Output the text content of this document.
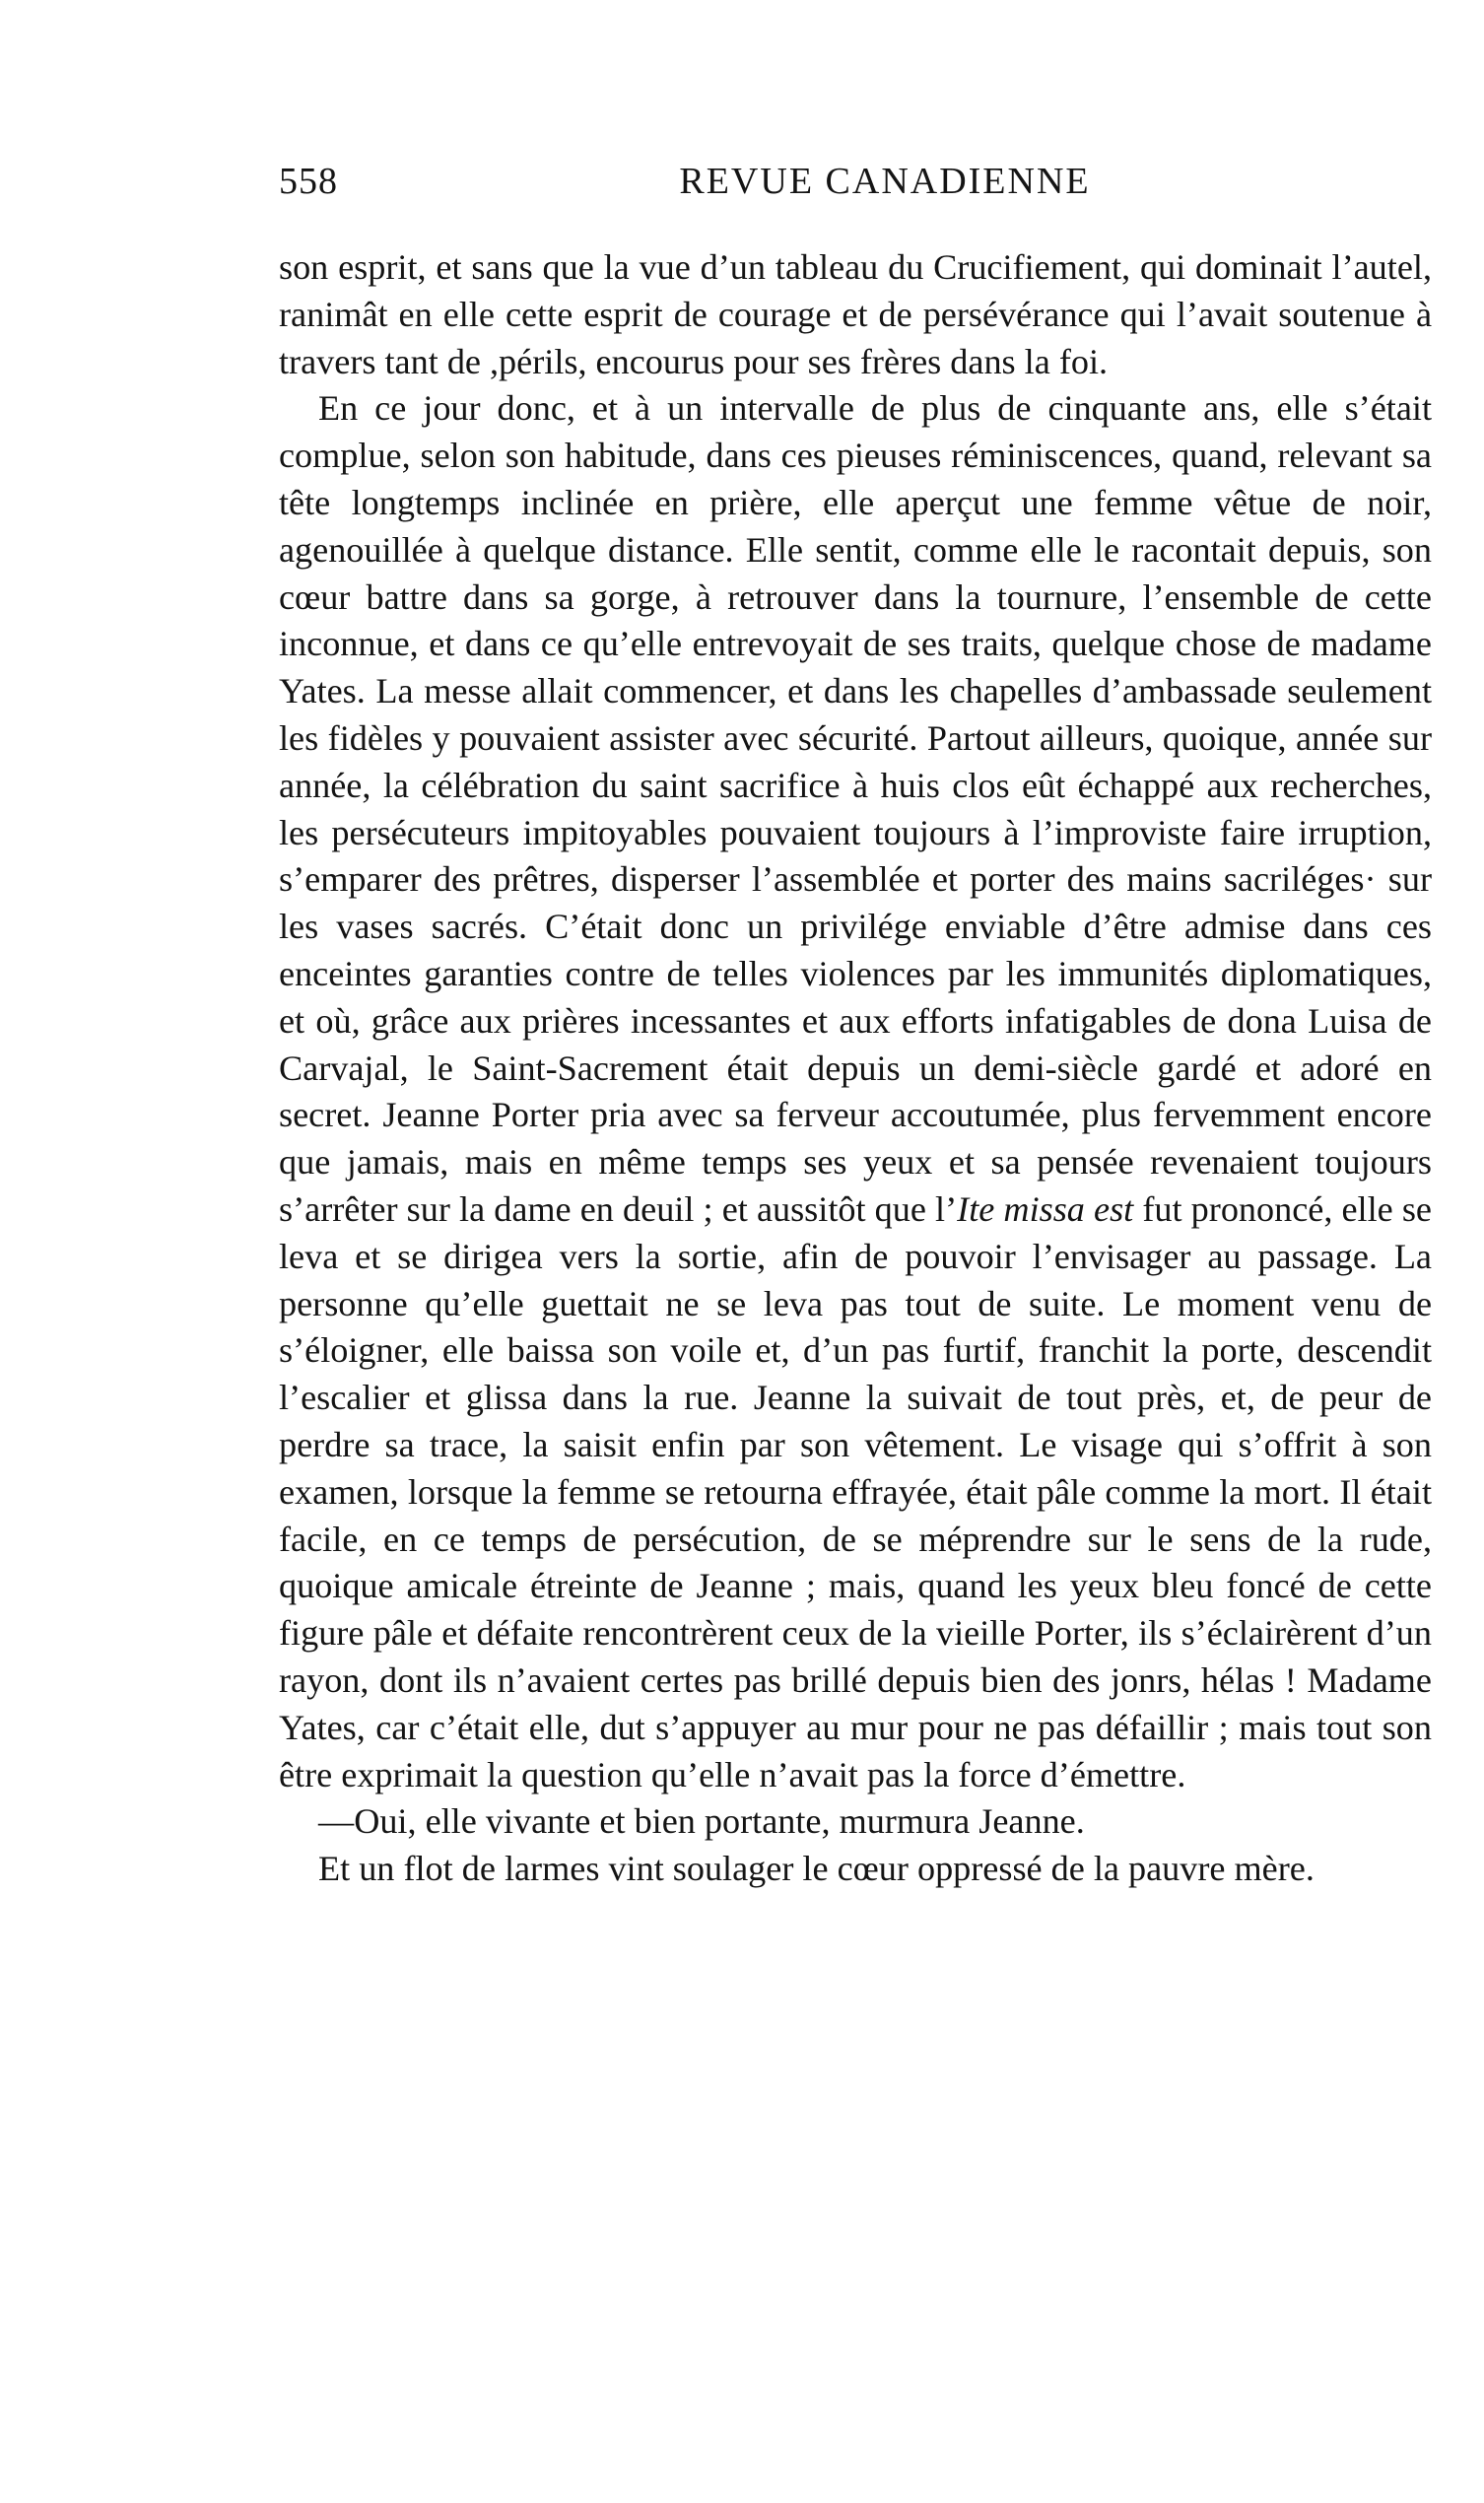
558	REVUE CANADIENNE

son esprit, et sans que la vue d’un tableau du Crucifiement, qui dominait l’autel, ranimât en elle cette esprit de courage et de persévérance qui l’avait soutenue à travers tant de ,périls, encourus pour ses frères dans la foi.

En ce jour donc, et à un intervalle de plus de cinquante ans, elle s’était complue, selon son habitude, dans ces pieuses réminiscences, quand, relevant sa tête longtemps inclinée en prière, elle aperçut une femme vêtue de noir, agenouillée à quelque distance. Elle sentit, comme elle le racontait depuis, son cœur battre dans sa gorge, à retrouver dans la tournure, l’ensemble de cette inconnue, et dans ce qu’elle entrevoyait de ses traits, quelque chose de madame Yates. La messe allait commencer, et dans les chapelles d’ambassade seulement les fidèles y pouvaient assister avec sécurité. Partout ailleurs, quoique, année sur année, la célébration du saint sacrifice à huis clos eût échappé aux recherches, les persécuteurs impitoyables pouvaient toujours à l’improviste faire irruption, s’emparer des prêtres, disperser l’assemblée et porter des mains sacriléges· sur les vases sacrés. C’était donc un privilége enviable d’être admise dans ces enceintes garanties contre de telles violences par les immunités diplomatiques, et où, grâce aux prières incessantes et aux efforts infatigables de dona Luisa de Carvajal, le Saint-Sacrement était depuis un demi-siècle gardé et adoré en secret. Jeanne Porter pria avec sa ferveur accoutumée, plus fervemment encore que jamais, mais en même temps ses yeux et sa pensée revenaient toujours s’arrêter sur la dame en deuil ; et aussitôt que l’Ite missa est fut prononcé, elle se leva et se dirigea vers la sortie, afin de pouvoir l’envisager au passage. La personne qu’elle guettait ne se leva pas tout de suite. Le moment venu de s’éloigner, elle baissa son voile et, d’un pas furtif, franchit la porte, descendit l’escalier et glissa dans la rue. Jeanne la suivait de tout près, et, de peur de perdre sa trace, la saisit enfin par son vêtement. Le visage qui s’offrit à son examen, lorsque la femme se retourna effrayée, était pâle comme la mort. Il était facile, en ce temps de persécution, de se méprendre sur le sens de la rude, quoique amicale étreinte de Jeanne ; mais, quand les yeux bleu foncé de cette figure pâle et défaite rencontrèrent ceux de la vieille Porter, ils s’éclairèrent d’un rayon, dont ils n’avaient certes pas brillé depuis bien des jonrs, hélas ! Madame Yates, car c’était elle, dut s’appuyer au mur pour ne pas défaillir ; mais tout son être exprimait la question qu’elle n’avait pas la force d’émettre.

—Oui, elle vivante et bien portante, murmura Jeanne.

Et un flot de larmes vint soulager le cœur oppressé de la pauvre mère.
